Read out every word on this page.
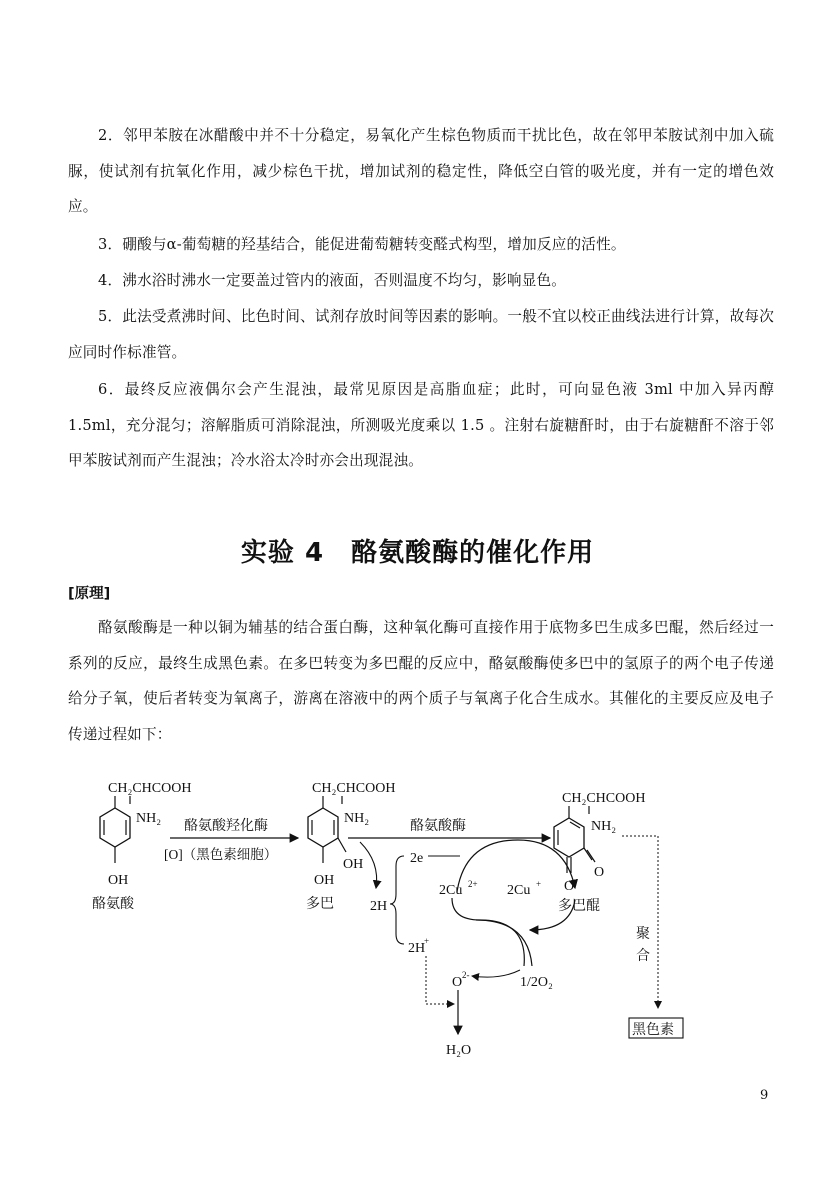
2．邻甲苯胺在冰醋酸中并不十分稳定，易氧化产生棕色物质而干扰比色，故在邻甲苯胺试剂中加入硫脲，使试剂有抗氧化作用，减少棕色干扰，增加试剂的稳定性，降低空白管的吸光度，并有一定的增色效应。

3．硼酸与α-葡萄糖的羟基结合，能促进葡萄糖转变醛式构型，增加反应的活性。

4．沸水浴时沸水一定要盖过管内的液面，否则温度不均匀，影响显色。

5．此法受煮沸时间、比色时间、试剂存放时间等因素的影响。一般不宜以校正曲线法进行计算，故每次应同时作标准管。

6．最终反应液偶尔会产生混浊，最常见原因是高脂血症；此时，可向显色液 3ml 中加入异丙醇 1.5ml，充分混匀；溶解脂质可消除混浊，所测吸光度乘以 1.5 。注射右旋糖酐时，由于右旋糖酐不溶于邻甲苯胺试剂而产生混浊；冷水浴太冷时亦会出现混浊。

实验 4　酪氨酸酶的催化作用
[原理]

酪氨酸酶是一种以铜为辅基的结合蛋白酶，这种氧化酶可直接作用于底物多巴生成多巴醌，然后经过一系列的反应，最终生成黑色素。在多巴转变为多巴醌的反应中，酪氨酸酶使多巴中的氢原子的两个电子传递给分子氧，使后者转变为氧离子，游离在溶液中的两个质子与氧离子化合生成水。其催化的主要反应及电子传递过程如下：

CH₂CHCOOH
NH₂
OH
酪氨酸
酪氨酸羟化酶
[O]（黑色素细胞）
CH₂CHCOOH
NH₂
OH
OH
多巴
酪氨酸酶
CH₂CHCOOH
NH₂
O
O
多巴醌
聚
合
黑色素
2H
2e
2H
+
2Cu 2+ 2Cu +
O 2-	1/2O₂
H₂O
9
